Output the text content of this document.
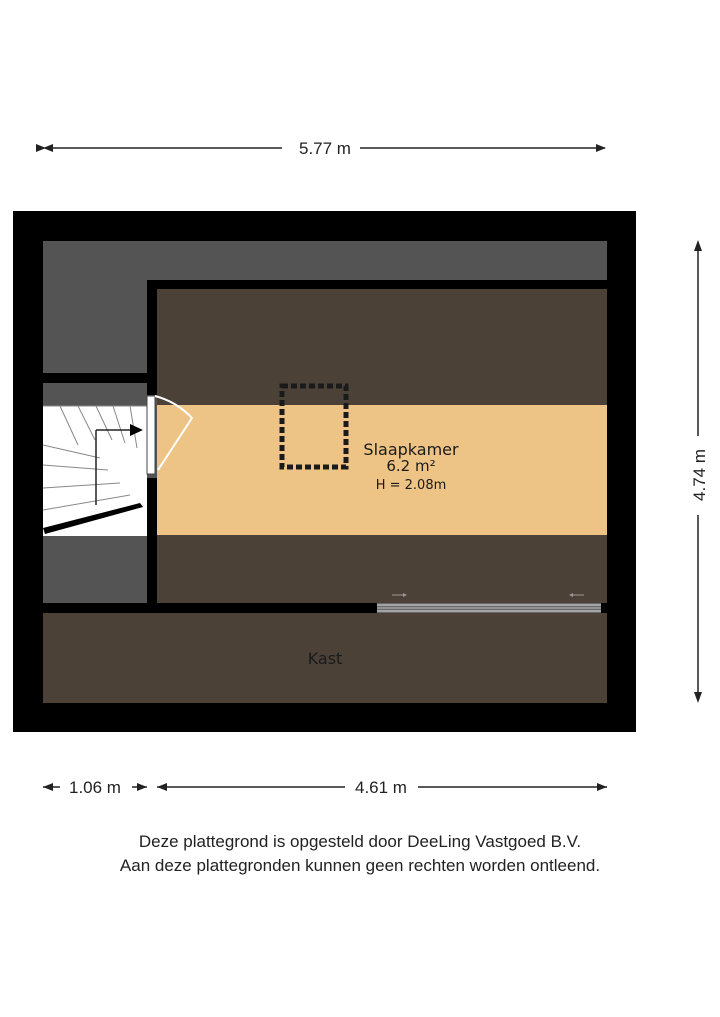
5.77 m
4.74 m
Slaapkamer
6.2 m²
H = 2.08m
Kast
1.06 m	4.61 m
Deze plattegrond is opgesteld door DeeLing Vastgoed B.V.
Aan deze plattegronden kunnen geen rechten worden ontleend.
